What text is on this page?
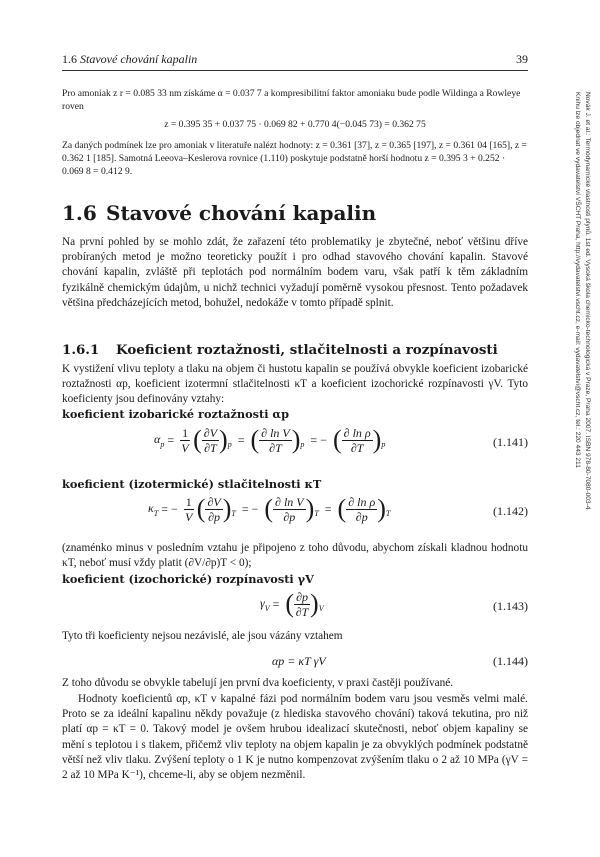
1.6 Stavové chování kapalin	39
Pro amoniak z r = 0.085 33 nm získáme α = 0.037 7 a kompresibilitní faktor amoniaku bude podle Wildinga a Rowleye roven
z = 0.395 35 + 0.037 75 · 0.069 82 + 0.770 4(−0.045 73) = 0.362 75
Za daných podmínek lze pro amoniak v literatuře nalézt hodnoty: z = 0.361 [37], z = 0.365 [197], z = 0.361 04 [165], z = 0.362 1 [185]. Samotná Leeova–Keslerova rovnice (1.110) poskytuje podstatně horší hodnotu z = 0.395 3 + 0.252 · 0.069 8 = 0.412 9.
1.6 Stavové chování kapalin
Na první pohled by se mohlo zdát, že zařazení této problematiky je zbytečné, neboť většinu dříve probíraných metod je možno teoreticky použít i pro odhad stavového chování kapalin. Stavové chování kapalin, zvláště při teplotách pod normálním bodem varu, však patří k těm základním fyzikálně chemickým údajům, u nichž technici vyžadují poměrně vysokou přesnost. Tento požadavek většina předcházejících metod, bohužel, nedokáže v tomto případě splnit.
1.6.1 Koeficient roztažnosti, stlačitelnosti a rozpínavosti
K vystižení vlivu teploty a tlaku na objem či hustotu kapalin se používá obvykle koeficient izobarické roztažnosti αp, koeficient izotermní stlačitelnosti κT a koeficient izochorické rozpínavosti γV. Tyto koeficienty jsou definovány vztahy:
koeficient izobarické roztažnosti αp
$\alpha_p = \frac{1}{V}$ ( $\frac{\partial V}{\partial T} )_p$ = ( $\frac{\text{∂ ln V}}{\partial T} )_p$ = − ( $\frac{\text{∂ ln ρ}}{\partial T} )_p$	(1.141)
koeficient (izotermické) stlačitelnosti κT
$\kappa_T$ = − $\frac{1}{V}$ ( $\frac{\partial V}{\partial p} )_T$ = − ( $\frac{\text{∂ ln V}}{\partial p} )_T$ = ( $\frac{\text{∂ ln ρ}}{\partial p} )_T$	(1.142)
(znaménko minus v posledním vztahu je připojeno z toho důvodu, abychom získali kladnou hodnotu κT, neboť musí vždy platit (∂V/∂p)T < 0);
koeficient (izochorické) rozpínavosti γV
$\gamma_V$ = ( $\frac{\partial p}{\partial T} )_V$	(1.143)
Tyto tři koeficienty nejsou nezávislé, ale jsou vázány vztahem
αp = κT γV	(1.144)
Z toho důvodu se obvykle tabelují jen první dva koeficienty, v praxi častěji používané.
Hodnoty koeficientů αp, κT v kapalné fázi pod normálním bodem varu jsou vesměs velmi malé. Proto se za ideální kapalinu někdy považuje (z hlediska stavového chování) taková tekutina, pro niž platí αp = κT = 0. Takový model je ovšem hrubou idealizací skutečnosti, neboť objem kapaliny se mění s teplotou i s tlakem, přičemž vliv teploty na objem kapalin je za obvyklých podmínek podstatně větší než vliv tlaku. Zvýšení teploty o 1 K je nutno kompenzovat zvýšením tlaku o 2 až 10 MPa (γV = 2 až 10 MPa K⁻¹), chceme-li, aby se objem nezměnil.
Novák J. et al.: Termodynamické vlastnosti plynů. 1st ed. Vysoká škola chemicko-technologická v Praze, Praha 2007. ISBN 978-80-7080-003-4
Knihu lze objednat ve vydavatelství VŠCHT Praha, http://vydavatelstvi.vscht.cz, e-mail: vydavatelstvi@vscht.cz, tel.: 220 443 211
